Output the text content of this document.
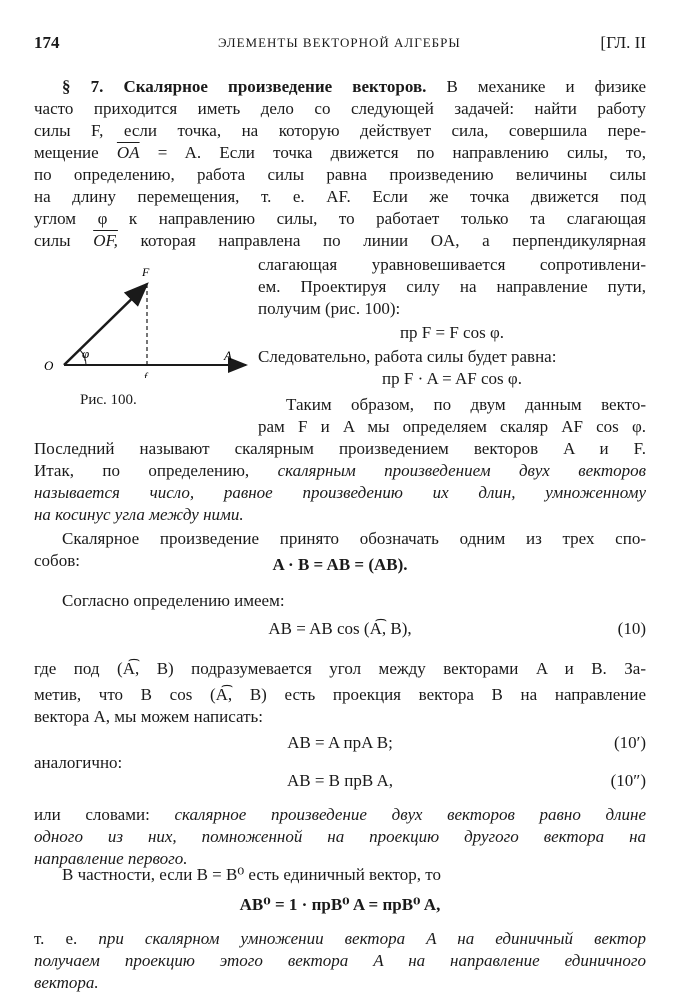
174	ЭЛЕМЕНТЫ ВЕКТОРНОЙ АЛГЕБРЫ	[ГЛ. II
§ 7. Скалярное произведение векторов. В механике и физике
часто приходится иметь дело со следующей задачей: найти работу
силы F, если точка, на которую действует сила, совершила пере-
мещение $\overline{OA} = A$. Если точка движется по направлению силы, то,
по определению, работа силы равна произведению величины силы
на длину перемещения, т. е. AF. Если же точка движется под
углом φ к направлению силы, то работает только та слагающая
силы OF, которая направлена по линии OA, а перпендикулярная
O
φ
F
f
A
Рис. 100.
слагающая уравновешивается сопротивлени-
ем. Проектируя силу на направление пути,
получим (рис. 100):
пр F = F cos φ.
Следовательно, работа силы будет равна:
пр F · A = AF cos φ.
Таким образом, по двум данным векто-
рам F и A мы определяем скаляр AF cos φ.
Последний называют скалярным произведением векторов A и F.
Итак, по определению, скалярным произведением двух векторов
называется число, равное произведению их длин, умноженному
на косинус угла между ними.
Скалярное произведение принято обозначать одним из трех спо-
собов:	A · B = AB = (AB).
Согласно определению имеем:
AB = AB cos (A͡, B),	(10)
где под (A͡, B) подразумевается угол между векторами A и B. За-
метив, что B cos (A͡, B) есть проекция вектора B на направление
вектора A, мы можем написать:
AB = A прA B;	(10′)
аналогично:
AB = B прB A,	(10″)
или словами: скалярное произведение двух векторов равно длине
одного из них, помноженной на проекцию другого вектора на
направление первого.
В частности, если B = B⁰ есть единичный вектор, то
AB⁰ = 1 · прB⁰ A = прB⁰ A,
т. е. при скалярном умножении вектора A на единичный вектор
получаем проекцию этого вектора A на направление единичного
вектора.
